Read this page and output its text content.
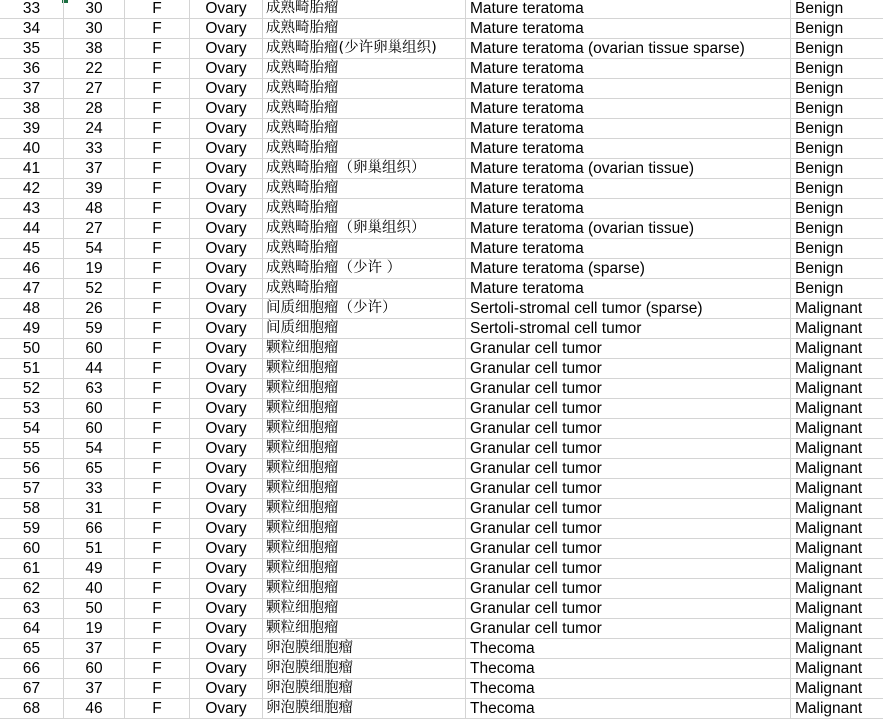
33	30	F	Ovary	成熟畸胎瘤	Mature teratoma	Benign
34	30	F	Ovary	成熟畸胎瘤	Mature teratoma	Benign
35	38	F	Ovary	成熟畸胎瘤(少许卵巢组织)	Mature teratoma (ovarian tissue sparse)	Benign
36	22	F	Ovary	成熟畸胎瘤	Mature teratoma	Benign
37	27	F	Ovary	成熟畸胎瘤	Mature teratoma	Benign
38	28	F	Ovary	成熟畸胎瘤	Mature teratoma	Benign
39	24	F	Ovary	成熟畸胎瘤	Mature teratoma	Benign
40	33	F	Ovary	成熟畸胎瘤	Mature teratoma	Benign
41	37	F	Ovary	成熟畸胎瘤（卵巢组织）	Mature teratoma (ovarian tissue)	Benign
42	39	F	Ovary	成熟畸胎瘤	Mature teratoma	Benign
43	48	F	Ovary	成熟畸胎瘤	Mature teratoma	Benign
44	27	F	Ovary	成熟畸胎瘤（卵巢组织）	Mature teratoma (ovarian tissue)	Benign
45	54	F	Ovary	成熟畸胎瘤	Mature teratoma	Benign
46	19	F	Ovary	成熟畸胎瘤（少许 ）	Mature teratoma (sparse)	Benign
47	52	F	Ovary	成熟畸胎瘤	Mature teratoma	Benign
48	26	F	Ovary	间质细胞瘤（少许）	Sertoli-stromal cell tumor (sparse)	Malignant
49	59	F	Ovary	间质细胞瘤	Sertoli-stromal cell tumor	Malignant
50	60	F	Ovary	颗粒细胞瘤	Granular cell tumor	Malignant
51	44	F	Ovary	颗粒细胞瘤	Granular cell tumor	Malignant
52	63	F	Ovary	颗粒细胞瘤	Granular cell tumor	Malignant
53	60	F	Ovary	颗粒细胞瘤	Granular cell tumor	Malignant
54	60	F	Ovary	颗粒细胞瘤	Granular cell tumor	Malignant
55	54	F	Ovary	颗粒细胞瘤	Granular cell tumor	Malignant
56	65	F	Ovary	颗粒细胞瘤	Granular cell tumor	Malignant
57	33	F	Ovary	颗粒细胞瘤	Granular cell tumor	Malignant
58	31	F	Ovary	颗粒细胞瘤	Granular cell tumor	Malignant
59	66	F	Ovary	颗粒细胞瘤	Granular cell tumor	Malignant
60	51	F	Ovary	颗粒细胞瘤	Granular cell tumor	Malignant
61	49	F	Ovary	颗粒细胞瘤	Granular cell tumor	Malignant
62	40	F	Ovary	颗粒细胞瘤	Granular cell tumor	Malignant
63	50	F	Ovary	颗粒细胞瘤	Granular cell tumor	Malignant
64	19	F	Ovary	颗粒细胞瘤	Granular cell tumor	Malignant
65	37	F	Ovary	卵泡膜细胞瘤	Thecoma	Malignant
66	60	F	Ovary	卵泡膜细胞瘤	Thecoma	Malignant
67	37	F	Ovary	卵泡膜细胞瘤	Thecoma	Malignant
68	46	F	Ovary	卵泡膜细胞瘤	Thecoma	Malignant
